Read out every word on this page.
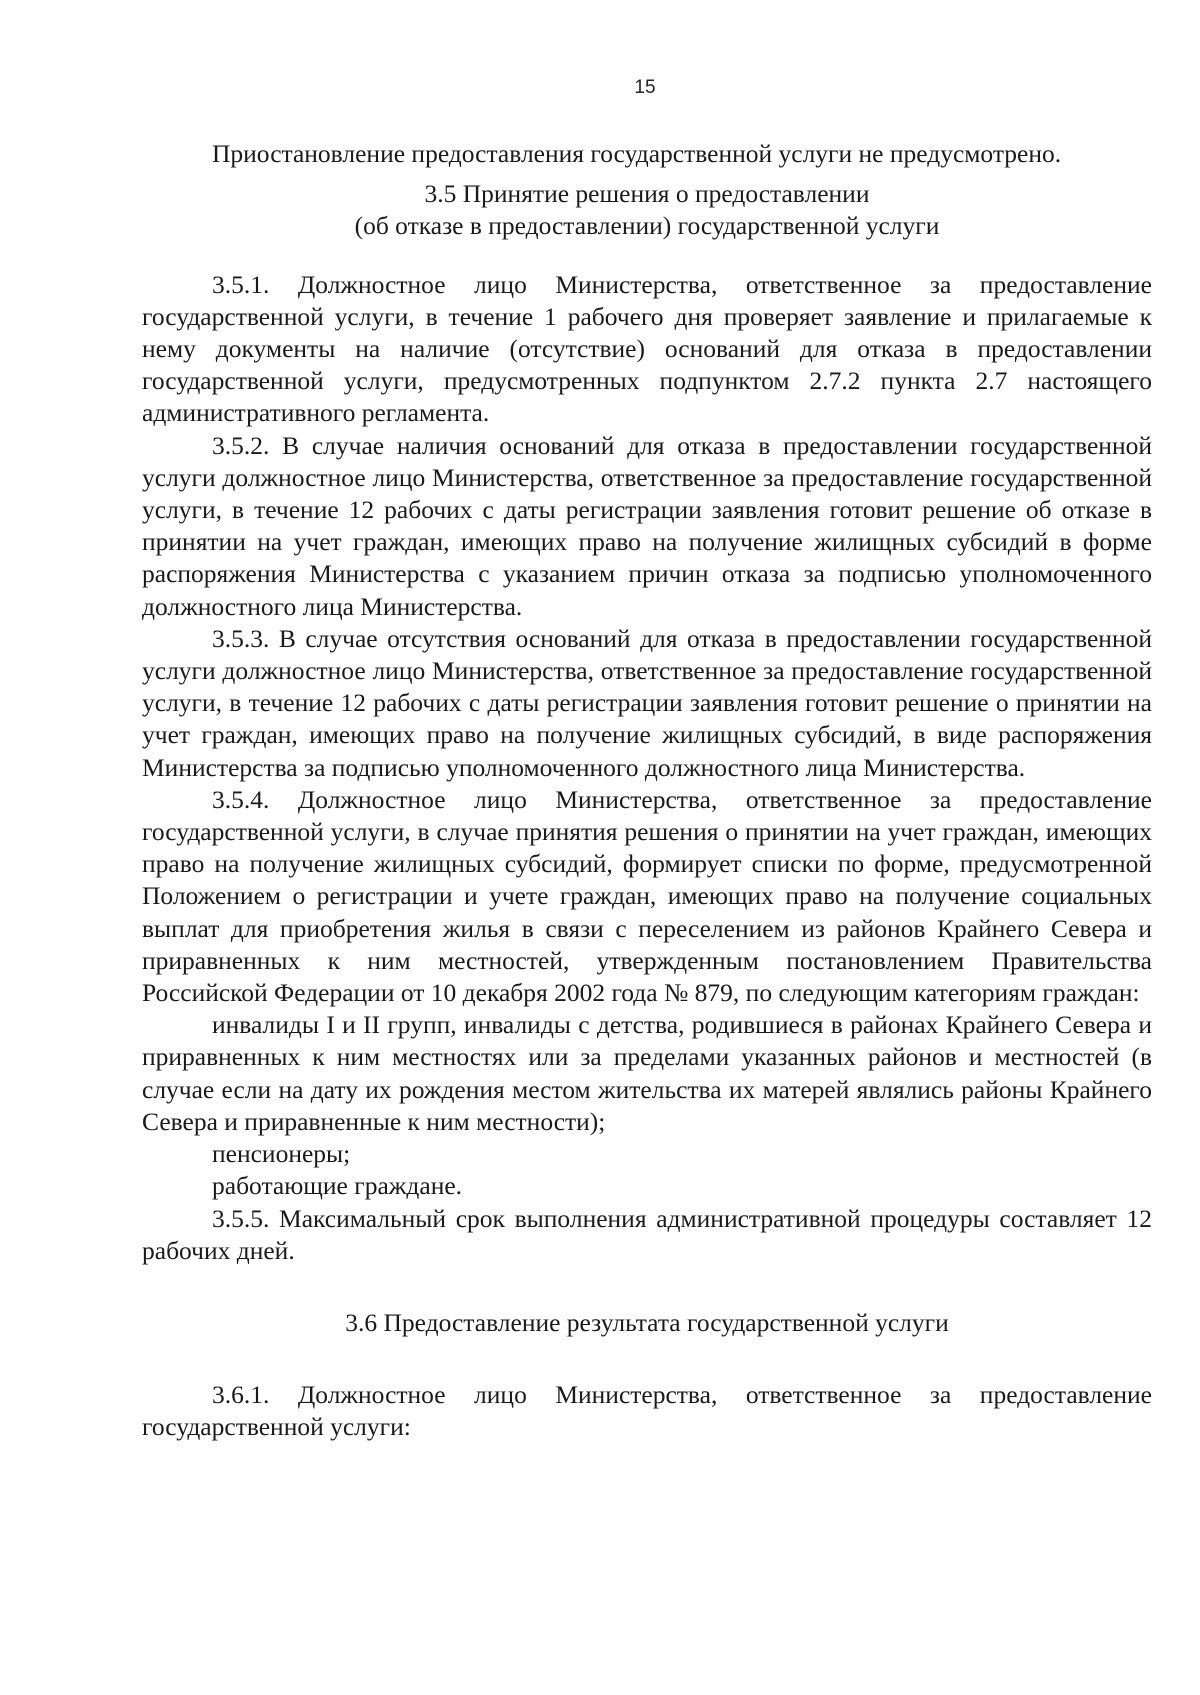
15

Приостановление предоставления государственной услуги не предусмотрено.

3.5 Принятие решения о предоставлении
(об отказе в предоставлении) государственной услуги

3.5.1. Должностное лицо Министерства, ответственное за предоставление государственной услуги, в течение 1 рабочего дня проверяет заявление и прилагаемые к нему документы на наличие (отсутствие) оснований для отказа в предоставлении государственной услуги, предусмотренных подпунктом 2.7.2 пункта 2.7 настоящего административного регламента.

3.5.2. В случае наличия оснований для отказа в предоставлении государственной услуги должностное лицо Министерства, ответственное за предоставление государственной услуги, в течение 12 рабочих с даты регистрации заявления готовит решение об отказе в принятии на учет граждан, имеющих право на получение жилищных субсидий в форме распоряжения Министерства с указанием причин отказа за подписью уполномоченного должностного лица Министерства.

3.5.3. В случае отсутствия оснований для отказа в предоставлении государственной услуги должностное лицо Министерства, ответственное за предоставление государственной услуги, в течение 12 рабочих с даты регистрации заявления готовит решение о принятии на учет граждан, имеющих право на получение жилищных субсидий, в виде распоряжения Министерства за подписью уполномоченного должностного лица Министерства.

3.5.4. Должностное лицо Министерства, ответственное за предоставление государственной услуги, в случае принятия решения о принятии на учет граждан, имеющих право на получение жилищных субсидий, формирует списки по форме, предусмотренной Положением о регистрации и учете граждан, имеющих право на получение социальных выплат для приобретения жилья в связи с переселением из районов Крайнего Севера и приравненных к ним местностей, утвержденным постановлением Правительства Российской Федерации от 10 декабря 2002 года № 879, по следующим категориям граждан:

инвалиды I и II групп, инвалиды с детства, родившиеся в районах Крайнего Севера и приравненных к ним местностях или за пределами указанных районов и местностей (в случае если на дату их рождения местом жительства их матерей являлись районы Крайнего Севера и приравненные к ним местности);

пенсионеры;

работающие граждане.

3.5.5. Максимальный срок выполнения административной процедуры составляет 12 рабочих дней.

3.6 Предоставление результата государственной услуги

3.6.1. Должностное лицо Министерства, ответственное за предоставление государственной услуги:
